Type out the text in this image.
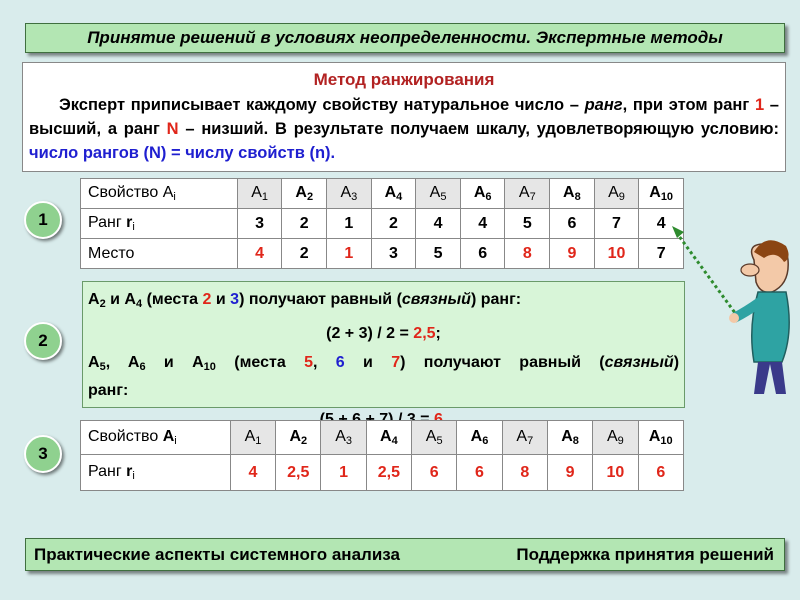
Принятие решений в условиях неопределенности. Экспертные методы
Метод ранжирования
Эксперт приписывает каждому свойству натуральное число – ранг, при этом ранг 1 – высший, а ранг N – низший. В результате получаем шкалу, удовлетворяющую условию: число рангов (N) = числу свойств (n).
1
2
3
Свойство $A_i$	$A_1$	$A_2$	$A_3$	$A_4$	$A_5$	$A_6$	$A_7$	$A_8$	$A_9$	$A_{10}$
Ранг $r_i$	3	2	1	2	4	4	5	6	7	4
Место	4	2	1	3	5	6	8	9	10	7
$A_2$ и $A_4$ (места 2 и 3) получают равный (связный) ранг:
(2 + 3) / 2 = 2,5;
$A_5$, $A_6$ и $A_{10}$ (места 5, 6 и 7) получают равный (связный)
ранг:
Свойство $A_i$	$A_1$	$A_2$	$A_3$	$A_4$	$A_5$	$A_6$	$A_7$	$A_8$	$A_9$	$A_{10}$
Ранг $r_i$	4	2,5	1	2,5	6	6	8	9	10	6
Практические аспекты системного анализа	Поддержка принятия решений
